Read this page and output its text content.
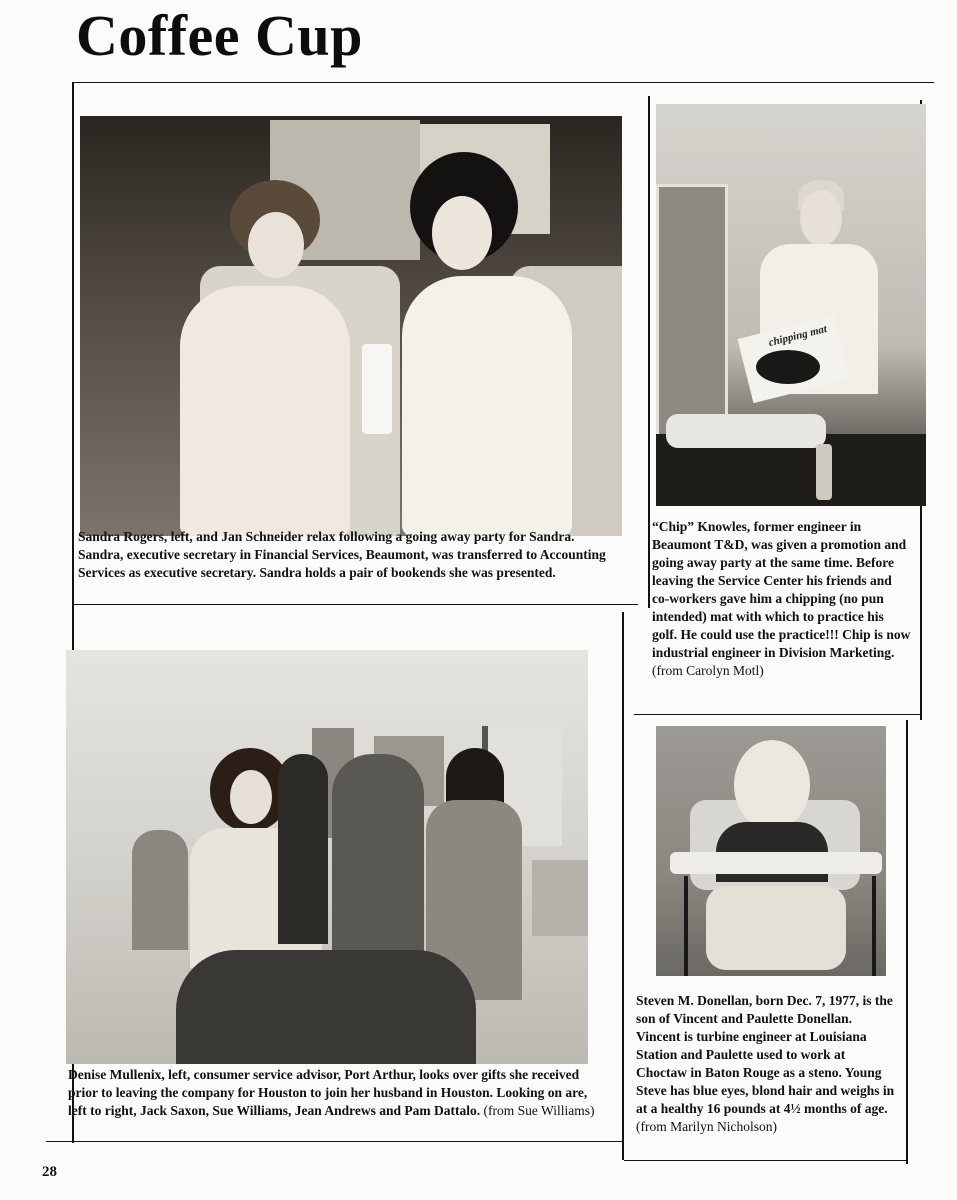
Coffee Cup
Sandra Rogers, left, and Jan Schneider relax following a going away party for Sandra. Sandra, executive secretary in Financial Services, Beaumont, was transferred to Accounting Services as executive secretary. Sandra holds a pair of bookends she was presented.
chipping mat
“Chip” Knowles, former engineer in Beaumont T&D, was given a promotion and going away party at the same time. Before leaving the Service Center his friends and co-workers gave him a chipping (no pun intended) mat with which to practice his golf. He could use the practice!!! Chip is now industrial engineer in Division Marketing. (from Carolyn Motl)
Denise Mullenix, left, consumer service advisor, Port Arthur, looks over gifts she received prior to leaving the company for Houston to join her husband in Houston. Looking on are, left to right, Jack Saxon, Sue Williams, Jean Andrews and Pam Dattalo. (from Sue Williams)
Steven M. Donellan, born Dec. 7, 1977, is the son of Vincent and Paulette Donellan. Vincent is turbine engineer at Louisiana Station and Paulette used to work at Choctaw in Baton Rouge as a steno. Young Steve has blue eyes, blond hair and weighs in at a healthy 16 pounds at 4½ months of age. (from Marilyn Nicholson)
28
